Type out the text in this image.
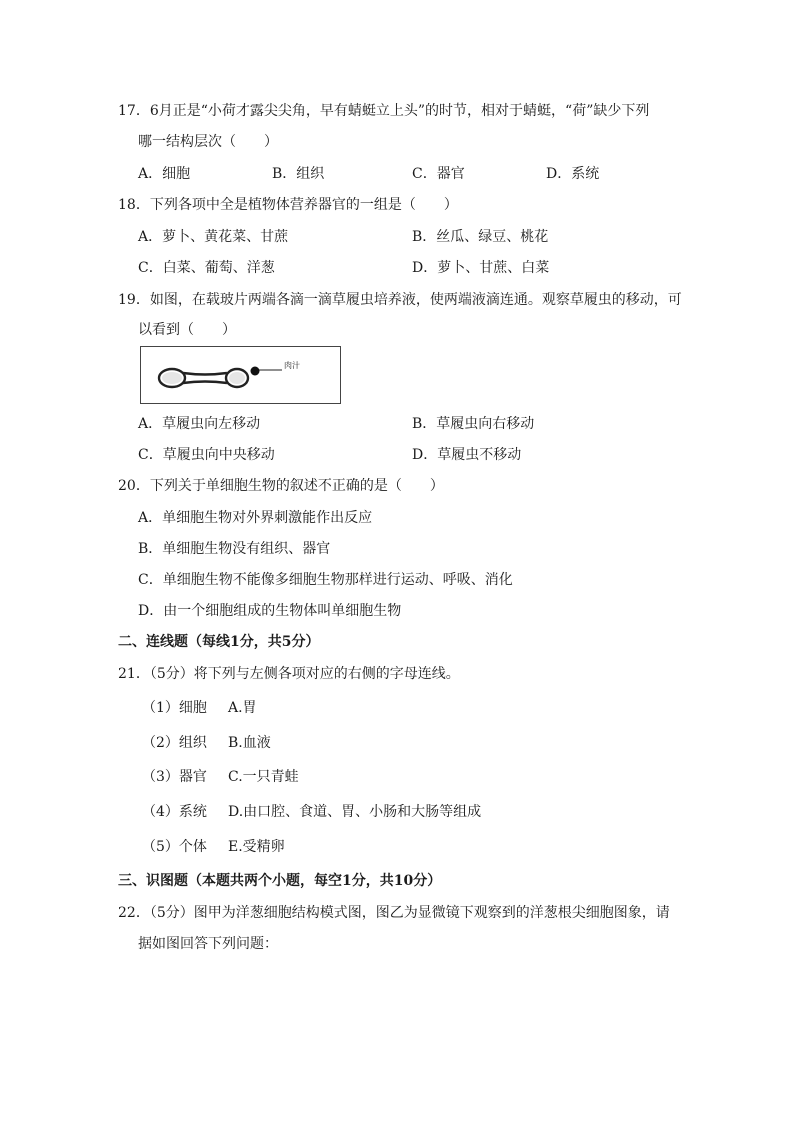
17．6月正是“小荷才露尖尖角，早有蜻蜓立上头”的时节，相对于蜻蜓，“荷”缺少下列
哪一结构层次（　　）
A．细胞	B．组织	C．器官	D．系统
18．下列各项中全是植物体营养器官的一组是（　　）
A．萝卜、黄花菜、甘蔗	B．丝瓜、绿豆、桃花
C．白菜、葡萄、洋葱	D．萝卜、甘蔗、白菜
19．如图，在载玻片两端各滴一滴草履虫培养液，使两端液滴连通。观察草履虫的移动，可
以看到（　　）
肉汁
A．草履虫向左移动	B．草履虫向右移动
C．草履虫向中央移动	D．草履虫不移动
20．下列关于单细胞生物的叙述不正确的是（　　）
A．单细胞生物对外界刺激能作出反应
B．单细胞生物没有组织、器官
C．单细胞生物不能像多细胞生物那样进行运动、呼吸、消化
D．由一个细胞组成的生物体叫单细胞生物
二、连线题（每线1分，共5分）
21．（5分）将下列与左侧各项对应的右侧的字母连线。
（1）细胞 A.胃
（2）组织 B.血液
（3）器官 C.一只青蛙
（4）系统 D.由口腔、食道、胃、小肠和大肠等组成
（5）个体 E.受精卵
三、识图题（本题共两个小题，每空1分，共10分）
22．（5分）图甲为洋葱细胞结构模式图，图乙为显微镜下观察到的洋葱根尖细胞图象，请
据如图回答下列问题：
